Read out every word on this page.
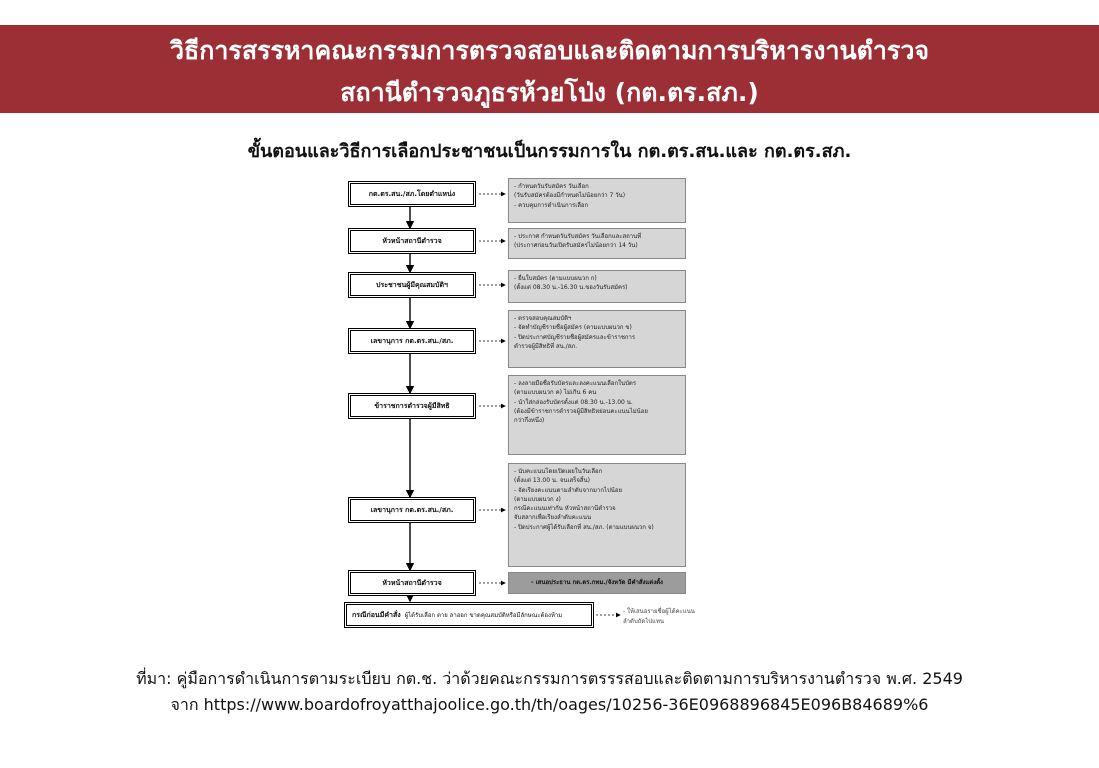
วิธีการสรรหาคณะกรรมการตรวจสอบและติดตามการบริหารงานตำรวจ
สถานีตำรวจภูธรห้วยโป่ง (กต.ตร.สภ.)
ขั้นตอนและวิธีการเลือกประชาชนเป็นกรรมการใน กต.ตร.สน.และ กต.ตร.สภ.
กต.ตร.สน./สภ.โดยตำแหน่ง
- กำหนดวันรับสมัคร วันเลือก
(วันรับสมัครต้องมีกำหนดไม่น้อยกว่า 7 วัน)
- ควบคุมการดำเนินการเลือก
หัวหน้าสถานีตำรวจ	- ประกาศ กำหนดวันรับสมัคร วันเลือกและสถานที่
(ประกาศก่อนวันเปิดรับสมัครไม่น้อยกว่า 14 วัน)
ประชาชนผู้มีคุณสมบัติฯ
- ยื่นใบสมัคร (ตามแบบผนวก ก)
(ตั้งแต่ 08.30 น.-16.30 น.ของวันรับสมัคร)
เลขานุการ กต.ตร.สน./สภ.
- ตรวจสอบคุณสมบัติฯ
- จัดทำบัญชีรายชื่อผู้สมัคร (ตามแบบผนวก ข)
- ปิดประกาศบัญชีรายชื่อผู้สมัครและข้าราชการ
ตำรวจผู้มีสิทธิที่ สน./สภ.
ข้าราชการตำรวจผู้มีสิทธิ
- ลงลายมือชื่อรับบัตรและลงคะแนนเลือกในบัตร
(ตามแบบผนวก ค) ไม่เกิน 6 คน
- นำใส่กล่องรับบัตรตั้งแต่ 08.30 น.-13.00 น.
(ต้องมีข้าราชการตำรวจผู้มีสิทธิหย่อนคะแนนไม่น้อย
กว่ากึ่งหนึ่ง)
เลขานุการ กต.ตร.สน./สภ.
- นับคะแนนโดยเปิดเผยในวันเลือก
(ตั้งแต่ 13.00 น. จนเสร็จสิ้น)
- จัดเรียงคะแนนตามลำดับจากมากไปน้อย
(ตามแบบผนวก ง)
กรณีคะแนนเท่ากัน หัวหน้าสถานีตำรวจ
จับสลากเพื่อเรียงลำดับคะแนน
- ปิดประกาศผู้ได้รับเลือกที่ สน./สภ. (ตามแบบผนวก จ)
หัวหน้าสถานีตำรวจ	- เสนอประธาน กต.ตร.กทม./จังหวัด มีคำสั่งแต่งตั้ง
กรณีก่อนมีคำสั่ง ผู้ได้รับเลือก ตาย ลาออก ขาดคุณสมบัติหรือมีลักษณะต้องห้าม
- ให้เสนอรายชื่อผู้ได้คะแนน
ลำดับถัดไปแทน
ที่มา: คู่มือการดำเนินการตามระเบียบ กต.ช. ว่าด้วยคณะกรรมการตรรรสอบและติดตามการบริหารงานตำรวจ พ.ศ. 2549
จาก https://www.boardofroyatthajoolice.go.th/th/oages/10256-36E0968896845E096B84689%6
